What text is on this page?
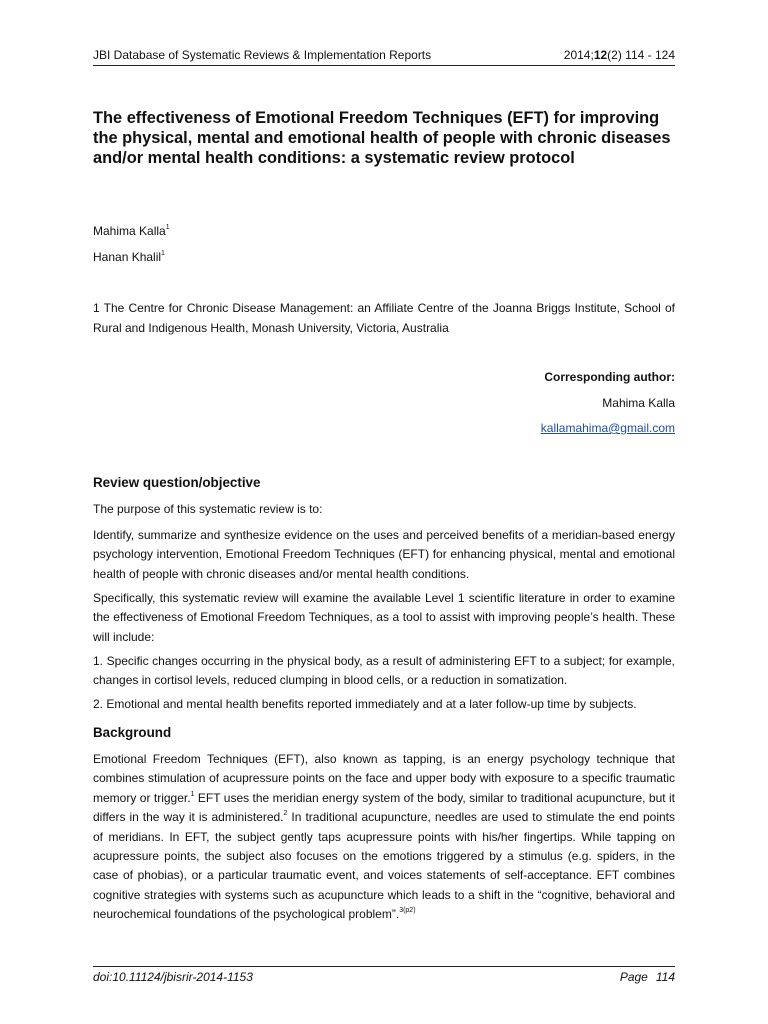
JBI Database of Systematic Reviews & Implementation Reports	2014;12(2) 114 - 124
The effectiveness of Emotional Freedom Techniques (EFT) for improving the physical, mental and emotional health of people with chronic diseases and/or mental health conditions: a systematic review protocol
Mahima Kalla$^1$
Hanan Khalil$^1$
1 The Centre for Chronic Disease Management: an Affiliate Centre of the Joanna Briggs Institute, School of Rural and Indigenous Health, Monash University, Victoria, Australia
Corresponding author:
Mahima Kalla
kallamahima@gmail.com
Review question/objective

The purpose of this systematic review is to:

Identify, summarize and synthesize evidence on the uses and perceived benefits of a meridian-based energy psychology intervention, Emotional Freedom Techniques (EFT) for enhancing physical, mental and emotional health of people with chronic diseases and/or mental health conditions.

Specifically, this systematic review will examine the available Level 1 scientific literature in order to examine the effectiveness of Emotional Freedom Techniques, as a tool to assist with improving people’s health. These will include:

1. Specific changes occurring in the physical body, as a result of administering EFT to a subject; for example, changes in cortisol levels, reduced clumping in blood cells, or a reduction in somatization.

2. Emotional and mental health benefits reported immediately and at a later follow-up time by subjects.

Background

Emotional Freedom Techniques (EFT), also known as tapping, is an energy psychology technique that combines stimulation of acupressure points on the face and upper body with exposure to a specific traumatic memory or trigger.$^1$ EFT uses the meridian energy system of the body, similar to traditional acupuncture, but it differs in the way it is administered.$^2$ In traditional acupuncture, needles are used to stimulate the end points of meridians. In EFT, the subject gently taps acupressure points with his/her fingertips. While tapping on acupressure points, the subject also focuses on the emotions triggered by a stimulus (e.g. spiders, in the case of phobias), or a particular traumatic event, and voices statements of self-acceptance. EFT combines cognitive strategies with systems such as acupuncture which leads to a shift in the “cognitive, behavioral and neurochemical foundations of the psychological problem”.$^{3(p2)}$

doi:10.11124/jbisrir-2014-1153	Page 114
